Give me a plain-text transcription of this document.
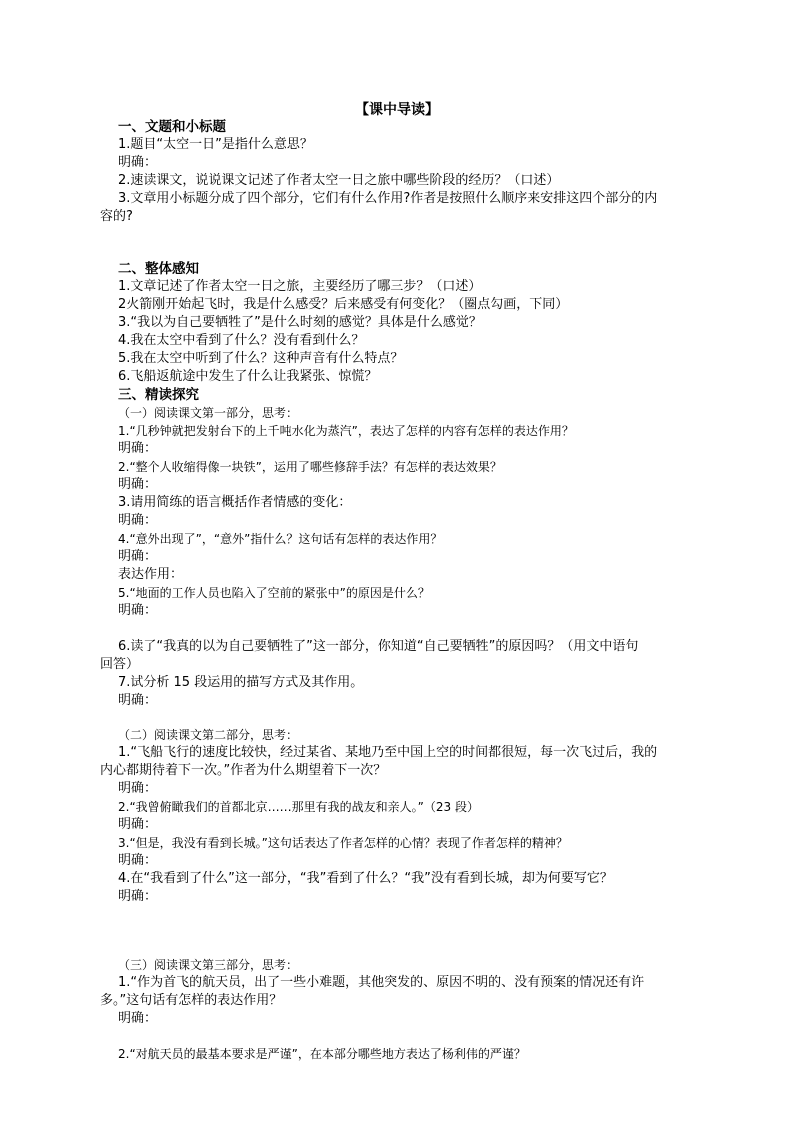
【课中导读】
一、文题和小标题
1.题目“太空一日”是指什么意思？
明确：
2.速读课文，说说课文记述了作者太空一日之旅中哪些阶段的经历？（口述）
3.文章用小标题分成了四个部分，它们有什么作用?作者是按照什么顺序来安排这四个部分的内
容的?
二、整体感知
1.文章记述了作者太空一日之旅，主要经历了哪三步？（口述）
2火箭刚开始起飞时，我是什么感受？后来感受有何变化？（圈点勾画，下同）
3.“我以为自己要牺牲了”是什么时刻的感觉？具体是什么感觉？
4.我在太空中看到了什么？没有看到什么？
5.我在太空中听到了什么？这种声音有什么特点？
6.飞船返航途中发生了什么让我紧张、惊慌？
三、精读探究
（一）阅读课文第一部分，思考：
1.“几秒钟就把发射台下的上千吨水化为蒸汽”，表达了怎样的内容有怎样的表达作用？
明确：
2.“整个人收缩得像一块铁”，运用了哪些修辞手法？有怎样的表达效果？
明确：
3.请用简练的语言概括作者情感的变化：
明确：
4.“意外出现了”，“意外”指什么？这句话有怎样的表达作用？
明确：
表达作用：
5.“地面的工作人员也陷入了空前的紧张中”的原因是什么？
明确：
6.读了“我真的以为自己要牺牲了”这一部分，你知道“自己要牺牲”的原因吗？（用文中语句
回答）
7.试分析 15 段运用的描写方式及其作用。
明确：
（二）阅读课文第二部分，思考：
1.“飞船飞行的速度比较快，经过某省、某地乃至中国上空的时间都很短，每一次飞过后，我的
内心都期待着下一次。”作者为什么期望着下一次？
明确：
2.“我曾俯瞰我们的首都北京……那里有我的战友和亲人。”（23 段）
明确：
3.“但是，我没有看到长城。”这句话表达了作者怎样的心情？表现了作者怎样的精神？
明确：
4.在“我看到了什么”这一部分，“我”看到了什么？“我”没有看到长城，却为何要写它？
明确：
（三）阅读课文第三部分，思考：
1.“作为首飞的航天员，出了一些小难题，其他突发的、原因不明的、没有预案的情况还有许
多。”这句话有怎样的表达作用？
明确：
2.“对航天员的最基本要求是严谨”，在本部分哪些地方表达了杨利伟的严谨？
